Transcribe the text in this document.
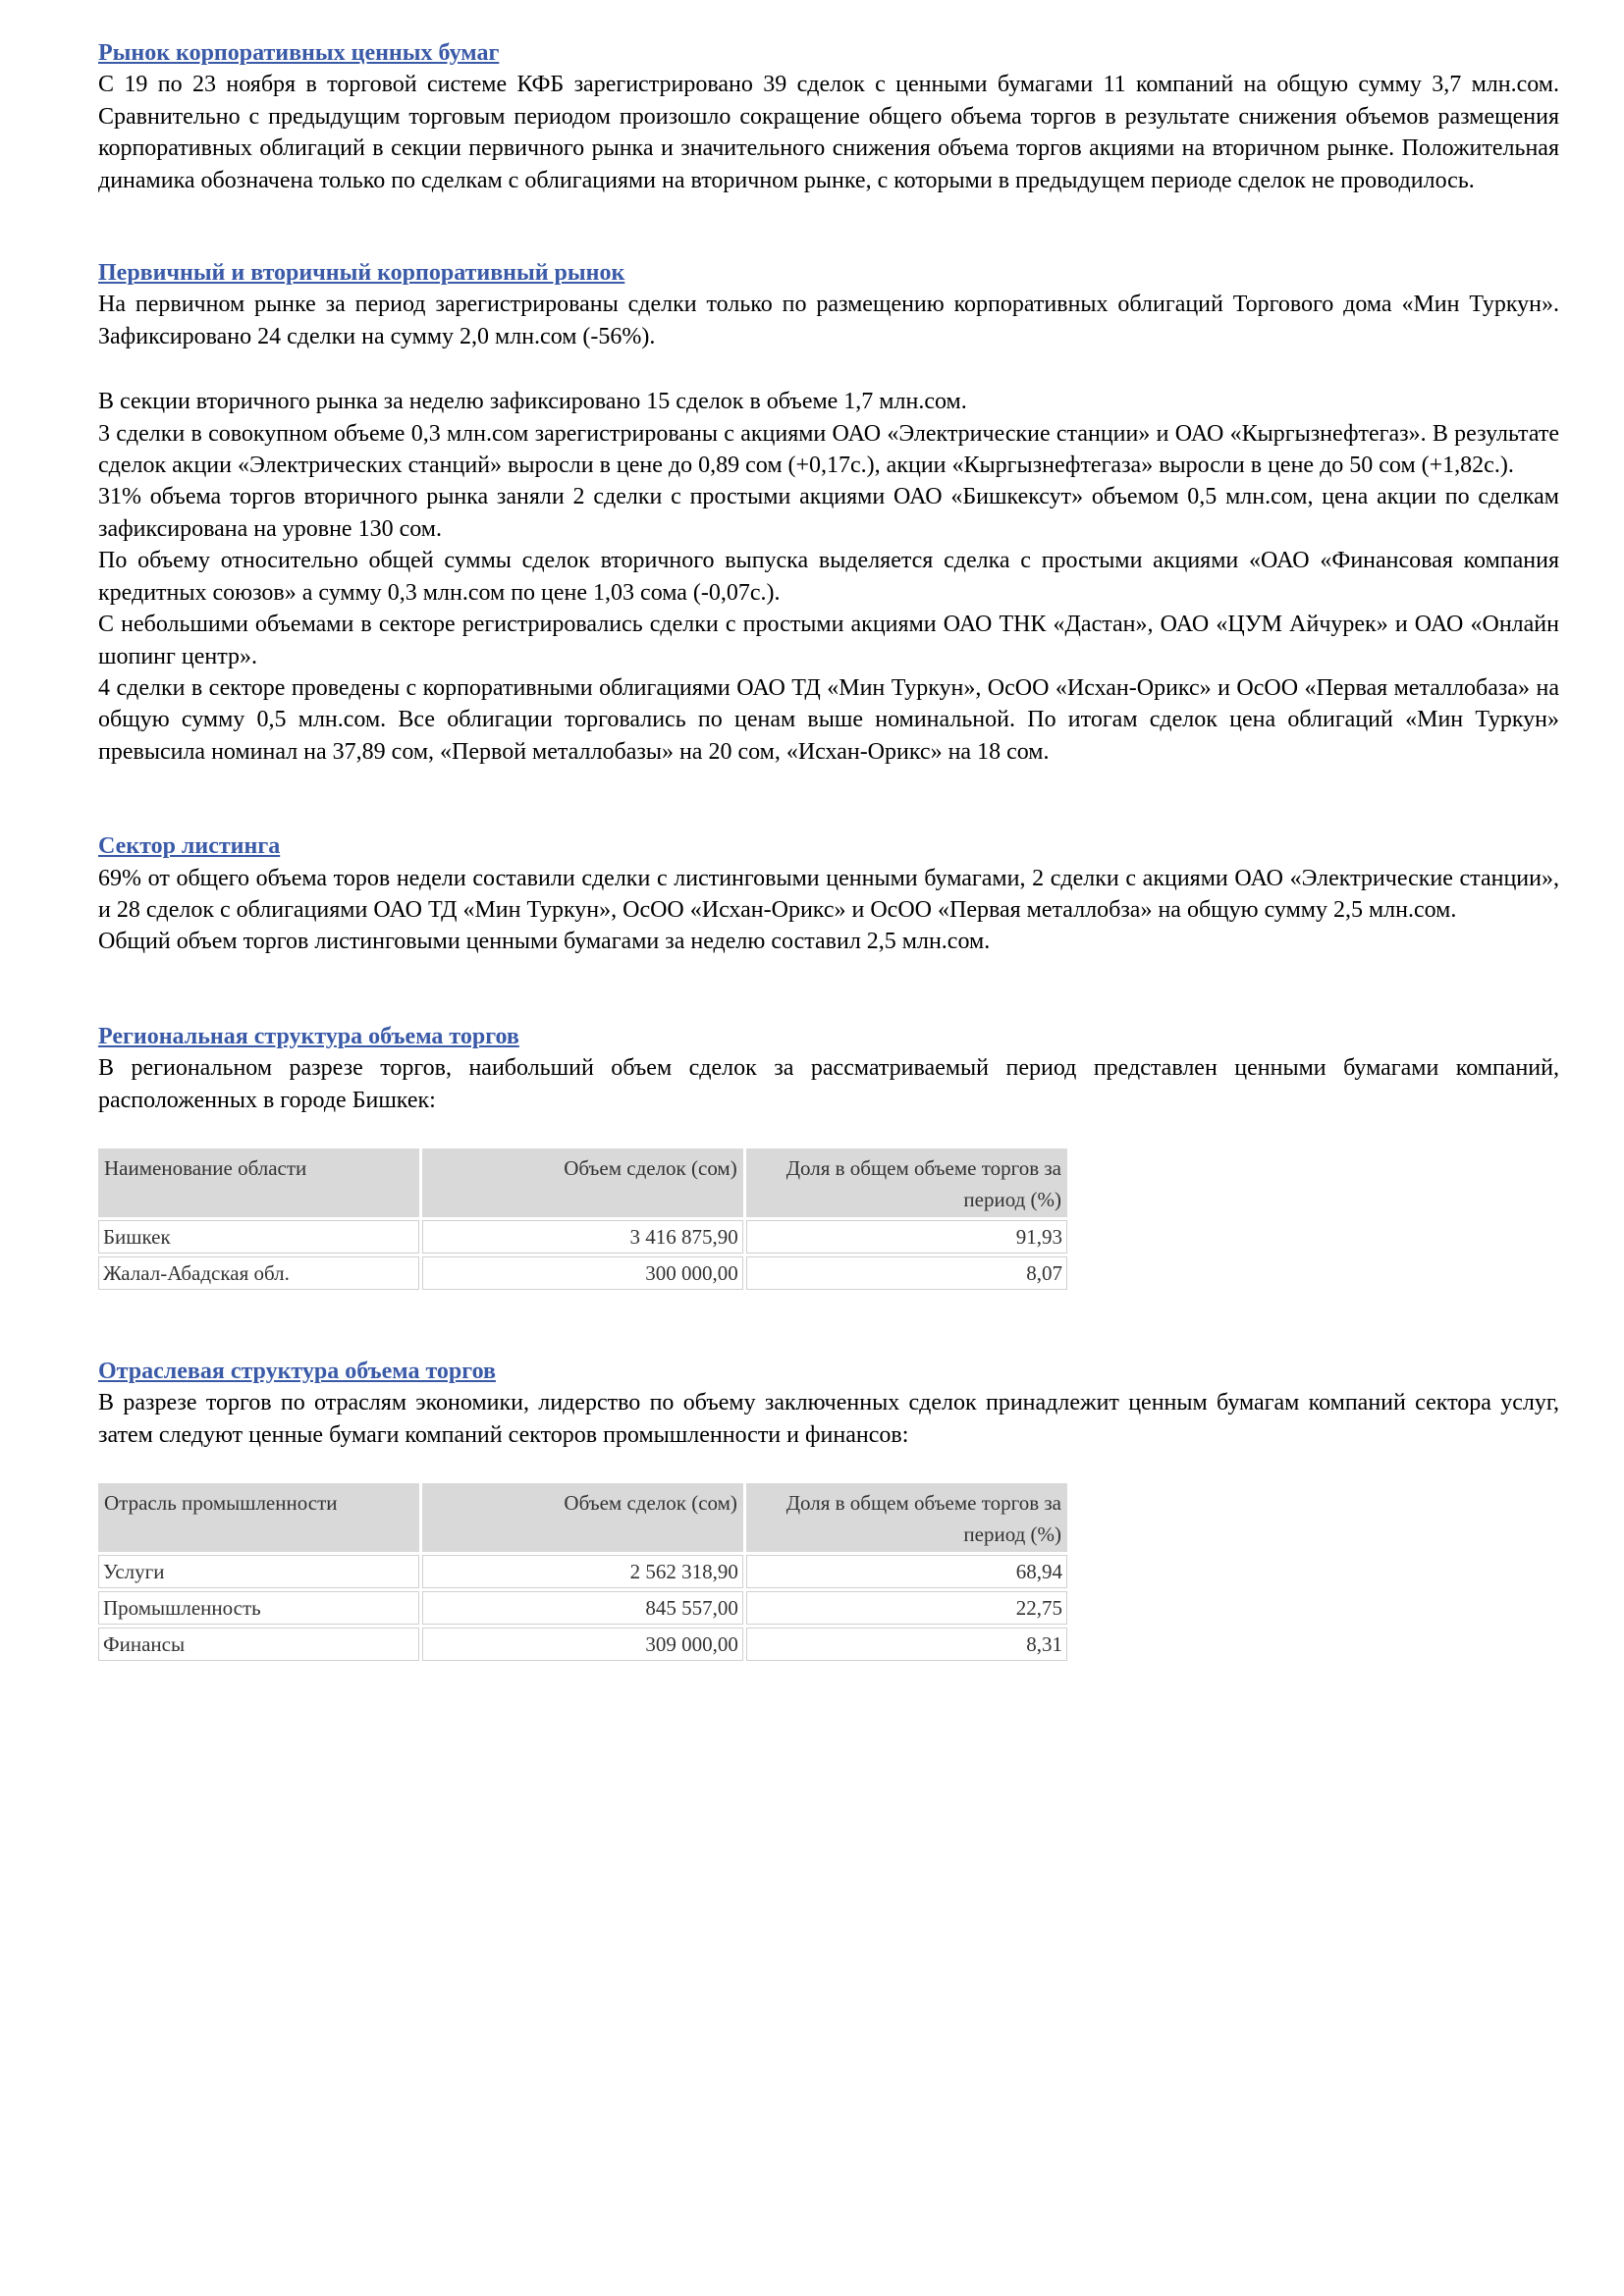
Рынок корпоративных ценных бумаг

С 19 по 23 ноября в торговой системе КФБ зарегистрировано 39 сделок с ценными бумагами 11 компаний на общую сумму 3,7 млн.сом. Сравнительно с предыдущим торговым периодом произошло сокращение общего объема торгов в результате снижения объемов размещения корпоративных облигаций в секции первичного рынка и значительного снижения объема торгов акциями на вторичном рынке. Положительная динамика обозначена только по сделкам с облигациями на вторичном рынке, с которыми в предыдущем периоде сделок не проводилось.

Первичный и вторичный корпоративный рынок

На первичном рынке за период зарегистрированы сделки только по размещению корпоративных облигаций Торгового дома «Мин Туркун». Зафиксировано 24 сделки на сумму 2,0 млн.сом (-56%).

В секции вторичного рынка за неделю зафиксировано 15 сделок в объеме 1,7 млн.сом.

3 сделки в совокупном объеме 0,3 млн.сом зарегистрированы с акциями ОАО «Электрические станции» и ОАО «Кыргызнефтегаз». В результате сделок акции «Электрических станций» выросли в цене до 0,89 сом (+0,17с.), акции «Кыргызнефтегаза» выросли в цене до 50 сом (+1,82с.).

31% объема торгов вторичного рынка заняли 2 сделки с простыми акциями ОАО «Бишкексут» объемом 0,5 млн.сом, цена акции по сделкам зафиксирована на уровне 130 сом.

По объему относительно общей суммы сделок вторичного выпуска выделяется сделка с простыми акциями «ОАО «Финансовая компания кредитных союзов» а сумму 0,3 млн.сом по цене 1,03 сома (-0,07с.).

С небольшими объемами в секторе регистрировались сделки с простыми акциями ОАО ТНК «Дастан», ОАО «ЦУМ Айчурек» и ОАО «Онлайн шопинг центр».

4 сделки в секторе проведены с корпоративными облигациями ОАО ТД «Мин Туркун», ОсОО «Исхан-Орикс» и ОсОО «Первая металлобаза» на общую сумму 0,5 млн.сом. Все облигации торговались по ценам выше номинальной. По итогам сделок цена облигаций «Мин Туркун» превысила номинал на 37,89 сом, «Первой металлобазы» на 20 сом, «Исхан-Орикс» на 18 сом.

Сектор листинга

69% от общего объема торов недели составили сделки с листинговыми ценными бумагами, 2 сделки с акциями ОАО «Электрические станции», и 28 сделок с облигациями ОАО ТД «Мин Туркун», ОсОО «Исхан-Орикс» и ОсОО «Первая металлобза» на общую сумму 2,5 млн.сом.

Общий объем торгов листинговыми ценными бумагами за неделю составил 2,5 млн.сом.

Региональная структура объема торгов

В региональном разрезе торгов, наибольший объем сделок за рассматриваемый период представлен ценными бумагами компаний, расположенных в городе Бишкек:

Наименование области	Объем сделок (сом)	Доля в общем объеме торгов за период (%)
Бишкек	3 416 875,90	91,93
Жалал-Абадская обл.	300 000,00	8,07
Отраслевая структура объема торгов

В разрезе торгов по отраслям экономики, лидерство по объему заключенных сделок принадлежит ценным бумагам компаний сектора услуг, затем следуют ценные бумаги компаний секторов промышленности и финансов:

Отрасль промышленности	Объем сделок (сом)	Доля в общем объеме торгов за период (%)
Услуги	2 562 318,90	68,94
Промышленность	845 557,00	22,75
Финансы	309 000,00	8,31
